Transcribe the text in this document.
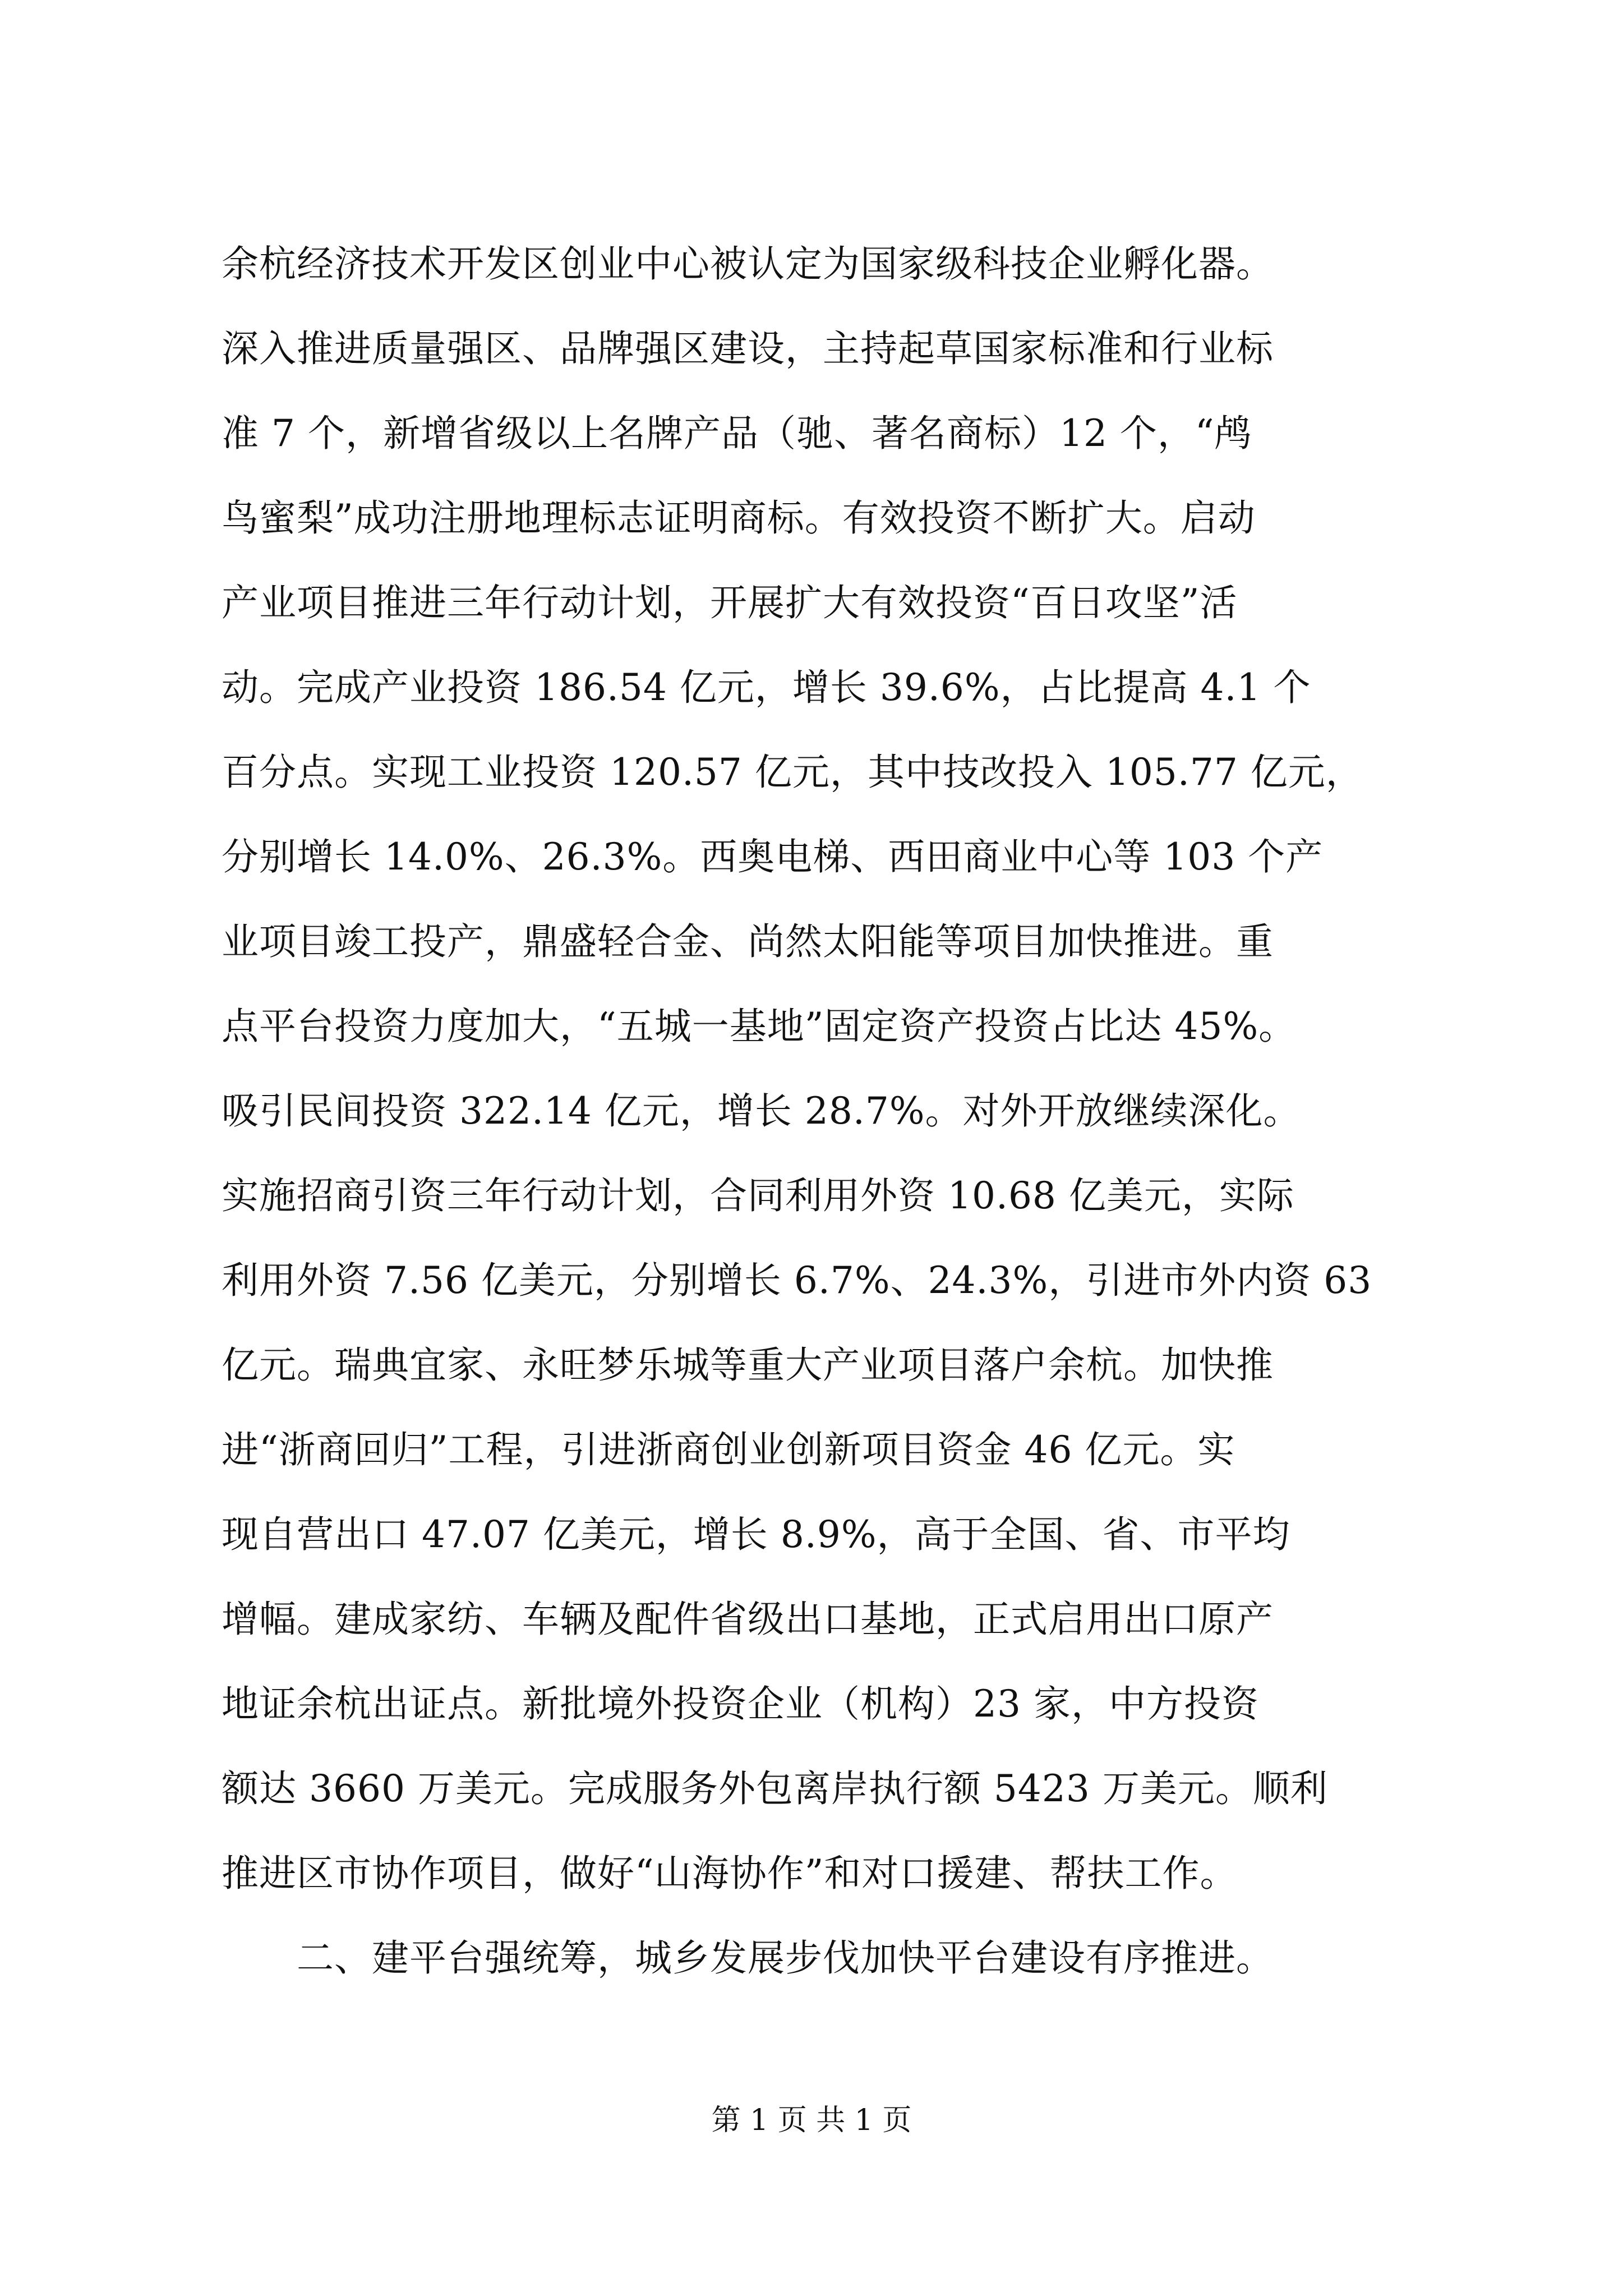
余杭经济技术开发区创业中心被认定为国家级科技企业孵化器。
深入推进质量强区、品牌强区建设，主持起草国家标准和行业标
准 7 个，新增省级以上名牌产品（驰、著名商标）12 个，“鸬
鸟蜜梨”成功注册地理标志证明商标。有效投资不断扩大。启动
产业项目推进三年行动计划，开展扩大有效投资“百日攻坚”活
动。完成产业投资 186.54 亿元，增长 39.6%，占比提高 4.1 个
百分点。实现工业投资 120.57 亿元，其中技改投入 105.77 亿元，
分别增长 14.0%、26.3%。西奥电梯、西田商业中心等 103 个产
业项目竣工投产，鼎盛轻合金、尚然太阳能等项目加快推进。重
点平台投资力度加大，“五城一基地”固定资产投资占比达 45%。
吸引民间投资 322.14 亿元，增长 28.7%。对外开放继续深化。
实施招商引资三年行动计划，合同利用外资 10.68 亿美元，实际
利用外资 7.56 亿美元，分别增长 6.7%、24.3%，引进市外内资 63
亿元。瑞典宜家、永旺梦乐城等重大产业项目落户余杭。加快推
进“浙商回归”工程，引进浙商创业创新项目资金 46 亿元。实
现自营出口 47.07 亿美元，增长 8.9%，高于全国、省、市平均
增幅。建成家纺、车辆及配件省级出口基地，正式启用出口原产
地证余杭出证点。新批境外投资企业（机构）23 家，中方投资
额达 3660 万美元。完成服务外包离岸执行额 5423 万美元。顺利
推进区市协作项目，做好“山海协作”和对口援建、帮扶工作。
二、建平台强统筹，城乡发展步伐加快平台建设有序推进。
第 1 页 共 1 页
